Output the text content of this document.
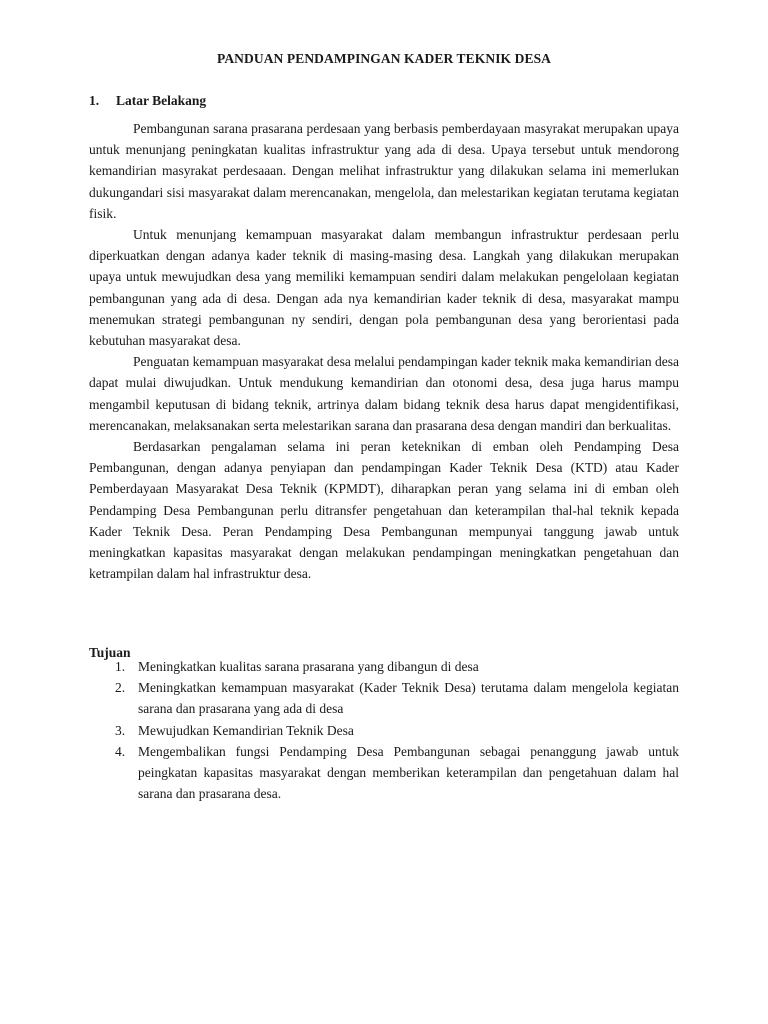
PANDUAN PENDAMPINGAN KADER TEKNIK DESA
1. Latar Belakang

Pembangunan sarana prasarana perdesaan yang berbasis pemberdayaan masyrakat merupakan upaya untuk menunjang peningkatan kualitas infrastruktur yang ada di desa. Upaya tersebut untuk mendorong kemandirian masyrakat perdesaaan. Dengan melihat infrastruktur yang dilakukan selama ini memerlukan dukungandari sisi masyarakat dalam merencanakan, mengelola, dan melestarikan kegiatan terutama kegiatan fisik.

Untuk menunjang kemampuan masyarakat dalam membangun infrastruktur perdesaan perlu diperkuatkan dengan adanya kader teknik di masing-masing desa. Langkah yang dilakukan merupakan upaya untuk mewujudkan desa yang memiliki kemampuan sendiri dalam melakukan pengelolaan kegiatan pembangunan yang ada di desa. Dengan ada nya kemandirian kader teknik di desa, masyarakat mampu menemukan strategi pembangunan ny sendiri, dengan pola pembangunan desa yang berorientasi pada kebutuhan masyarakat desa.

Penguatan kemampuan masyarakat desa melalui pendampingan kader teknik maka kemandirian desa dapat mulai diwujudkan. Untuk mendukung kemandirian dan otonomi desa, desa juga harus mampu mengambil keputusan di bidang teknik, artrinya dalam bidang teknik desa harus dapat mengidentifikasi, merencanakan, melaksanakan serta melestarikan sarana dan prasarana desa dengan mandiri dan berkualitas.

Berdasarkan pengalaman selama ini peran keteknikan di emban oleh Pendamping Desa Pembangunan, dengan adanya penyiapan dan pendampingan Kader Teknik Desa (KTD) atau Kader Pemberdayaan Masyarakat Desa Teknik (KPMDT), diharapkan peran yang selama ini di emban oleh Pendamping Desa Pembangunan perlu ditransfer pengetahuan dan keterampilan thal-hal teknik kepada Kader Teknik Desa. Peran Pendamping Desa Pembangunan mempunyai tanggung jawab untuk meningkatkan kapasitas masyarakat dengan melakukan pendampingan meningkatkan pengetahuan dan ketrampilan dalam hal infrastruktur desa.

Tujuan
1. Meningkatkan kualitas sarana prasarana yang dibangun di desa
2. Meningkatkan kemampuan masyarakat (Kader Teknik Desa) terutama dalam mengelola kegiatan sarana dan prasarana yang ada di desa
3. Mewujudkan Kemandirian Teknik Desa
4. Mengembalikan fungsi Pendamping Desa Pembangunan sebagai penanggung jawab untuk peingkatan kapasitas masyarakat dengan memberikan keterampilan dan pengetahuan dalam hal sarana dan prasarana desa.
